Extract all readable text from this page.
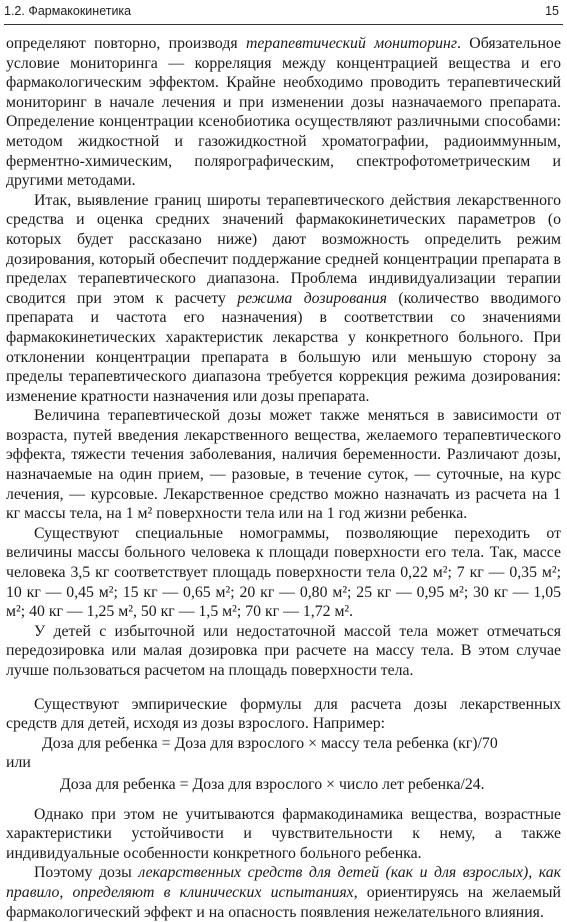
1.2. Фармакокинетика	15

определяют повторно, производя терапевтический мониторинг. Обязательное условие мониторинга — корреляция между концентрацией вещества и его фармакологическим эффектом. Крайне необходимо проводить терапевтический мониторинг в начале лечения и при изменении дозы назначаемого препарата. Определение концентрации ксенобиотика осуществляют различными способами: методом жидкостной и газожидкостной хроматографии, радиоиммунным, ферментно-химическим, полярографическим, спектрофотометрическим и другими методами.

Итак, выявление границ широты терапевтического действия лекарственного средства и оценка средних значений фармакокинетических параметров (о которых будет рассказано ниже) дают возможность определить режим дозирования, который обеспечит поддержание средней концентрации препарата в пределах терапевтического диапазона. Проблема индивидуализации терапии сводится при этом к расчету режима дозирования (количество вводимого препарата и частота его назначения) в соответствии со значениями фармакокинетических характеристик лекарства у конкретного больного. При отклонении концентрации препарата в большую или меньшую сторону за пределы терапевтического диапазона требуется коррекция режима дозирования: изменение кратности назначения или дозы препарата.

Величина терапевтической дозы может также меняться в зависимости от возраста, путей введения лекарственного вещества, желаемого терапевтического эффекта, тяжести течения заболевания, наличия беременности. Различают дозы, назначаемые на один прием, — разовые, в течение суток, — суточные, на курс лечения, — курсовые. Лекарственное средство можно назначать из расчета на 1 кг массы тела, на 1 м² поверхности тела или на 1 год жизни ребенка.

Существуют специальные номограммы, позволяющие переходить от величины массы больного человека к площади поверхности его тела. Так, массе человека 3,5 кг соответствует площадь поверхности тела 0,22 м²; 7 кг — 0,35 м²; 10 кг — 0,45 м²; 15 кг — 0,65 м²; 20 кг — 0,80 м²; 25 кг — 0,95 м²; 30 кг — 1,05 м²; 40 кг — 1,25 м², 50 кг — 1,5 м²; 70 кг — 1,72 м².

У детей с избыточной или недостаточной массой тела может отмечаться передозировка или малая дозировка при расчете на массу тела. В этом случае лучше пользоваться расчетом на площадь поверхности тела.

Существуют эмпирические формулы для расчета дозы лекарственных средств для детей, исходя из дозы взрослого. Например:

Доза для ребенка = Доза для взрослого × массу тела ребенка (кг)/70

или

Доза для ребенка = Доза для взрослого × число лет ребенка/24.

Однако при этом не учитываются фармакодинамика вещества, возрастные характеристики устойчивости и чувствительности к нему, а также индивидуальные особенности конкретного больного ребенка.

Поэтому дозы лекарственных средств для детей (как и для взрослых), как правило, определяют в клинических испытаниях, ориентируясь на желаемый фармакологический эффект и на опасность появления нежелательного влияния.
